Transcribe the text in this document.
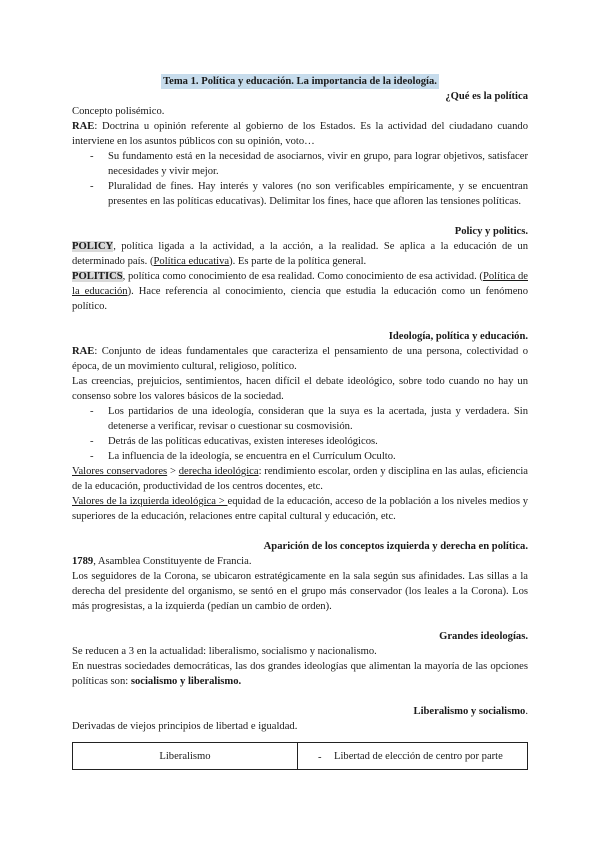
Tema 1. Política y educación. La importancia de la ideología.
¿Qué es la política
Concepto polisémico.
RAE: Doctrina u opinión referente al gobierno de los Estados. Es la actividad del ciudadano cuando interviene en los asuntos públicos con su opinión, voto…
- Su fundamento está en la necesidad de asociarnos, vivir en grupo, para lograr objetivos, satisfacer necesidades y vivir mejor.
- Pluralidad de fines. Hay interés y valores (no son verificables empíricamente, y se encuentran presentes en las políticas educativas). Delimitar los fines, hace que afloren las tensiones políticas.
Policy y politics.
POLICY, política ligada a la actividad, a la acción, a la realidad. Se aplica a la educación de un determinado país. (Política educativa). Es parte de la política general.
POLITICS, política como conocimiento de esa realidad. Como conocimiento de esa actividad. (Política de la educación). Hace referencia al conocimiento, ciencia que estudia la educación como un fenómeno político.
Ideología, política y educación.
RAE: Conjunto de ideas fundamentales que caracteriza el pensamiento de una persona, colectividad o época, de un movimiento cultural, religioso, político.
Las creencias, prejuicios, sentimientos, hacen difícil el debate ideológico, sobre todo cuando no hay un consenso sobre los valores básicos de la sociedad.
- Los partidarios de una ideología, consideran que la suya es la acertada, justa y verdadera. Sin detenerse a verificar, revisar o cuestionar su cosmovisión.
- Detrás de las políticas educativas, existen intereses ideológicos.
- La influencia de la ideología, se encuentra en el Currículum Oculto.
Valores conservadores > derecha ideológica: rendimiento escolar, orden y disciplina en las aulas, eficiencia de la educación, productividad de los centros docentes, etc.
Valores de la izquierda ideológica > equidad de la educación, acceso de la población a los niveles medios y superiores de la educación, relaciones entre capital cultural y educación, etc.
Aparición de los conceptos izquierda y derecha en política.
1789, Asamblea Constituyente de Francia.
Los seguidores de la Corona, se ubicaron estratégicamente en la sala según sus afinidades. Las sillas a la derecha del presidente del organismo, se sentó en el grupo más conservador (los leales a la Corona). Los más progresistas, a la izquierda (pedían un cambio de orden).
Grandes ideologías.
Se reducen a 3 en la actualidad: liberalismo, socialismo y nacionalismo.
En nuestras sociedades democráticas, las dos grandes ideologías que alimentan la mayoría de las opciones políticas son: socialismo y liberalismo.
Liberalismo y socialismo.
Derivadas de viejos principios de libertad e igualdad.
Liberalismo	- Libertad de elección de centro por parte
